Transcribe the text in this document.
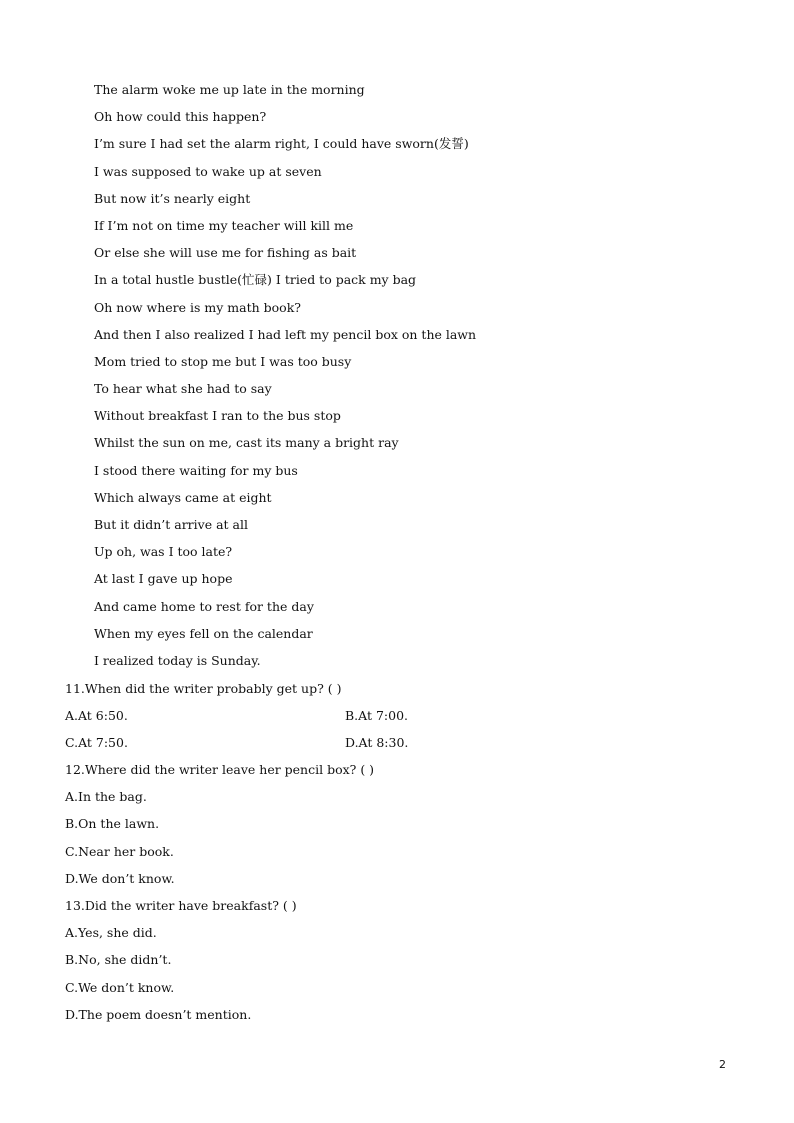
The alarm woke me up late in the morning
Oh how could this happen?
I’m sure I had set the alarm right, I could have sworn(发誓)
I was supposed to wake up at seven
But now it’s nearly eight
If I’m not on time my teacher will kill me
Or else she will use me for fishing as bait
In a total hustle bustle(忙碌) I tried to pack my bag
Oh now where is my math book?
And then I also realized I had left my pencil box on the lawn
Mom tried to stop me but I was too busy
To hear what she had to say
Without breakfast I ran to the bus stop
Whilst the sun on me, cast its many a bright ray
I stood there waiting for my bus
Which always came at eight
But it didn’t arrive at all
Up oh, was I too late?
At last I gave up hope
And came home to rest for the day
When my eyes fell on the calendar
I realized today is Sunday.
11.When did the writer probably get up? ( )
A.At 6:50.	B.At 7:00.
C.At 7:50.	D.At 8:30.
12.Where did the writer leave her pencil box? ( )
A.In the bag.
B.On the lawn.
C.Near her book.
D.We don’t know.
13.Did the writer have breakfast? ( )
A.Yes, she did.
B.No, she didn’t.
C.We don’t know.
D.The poem doesn’t mention.
2
